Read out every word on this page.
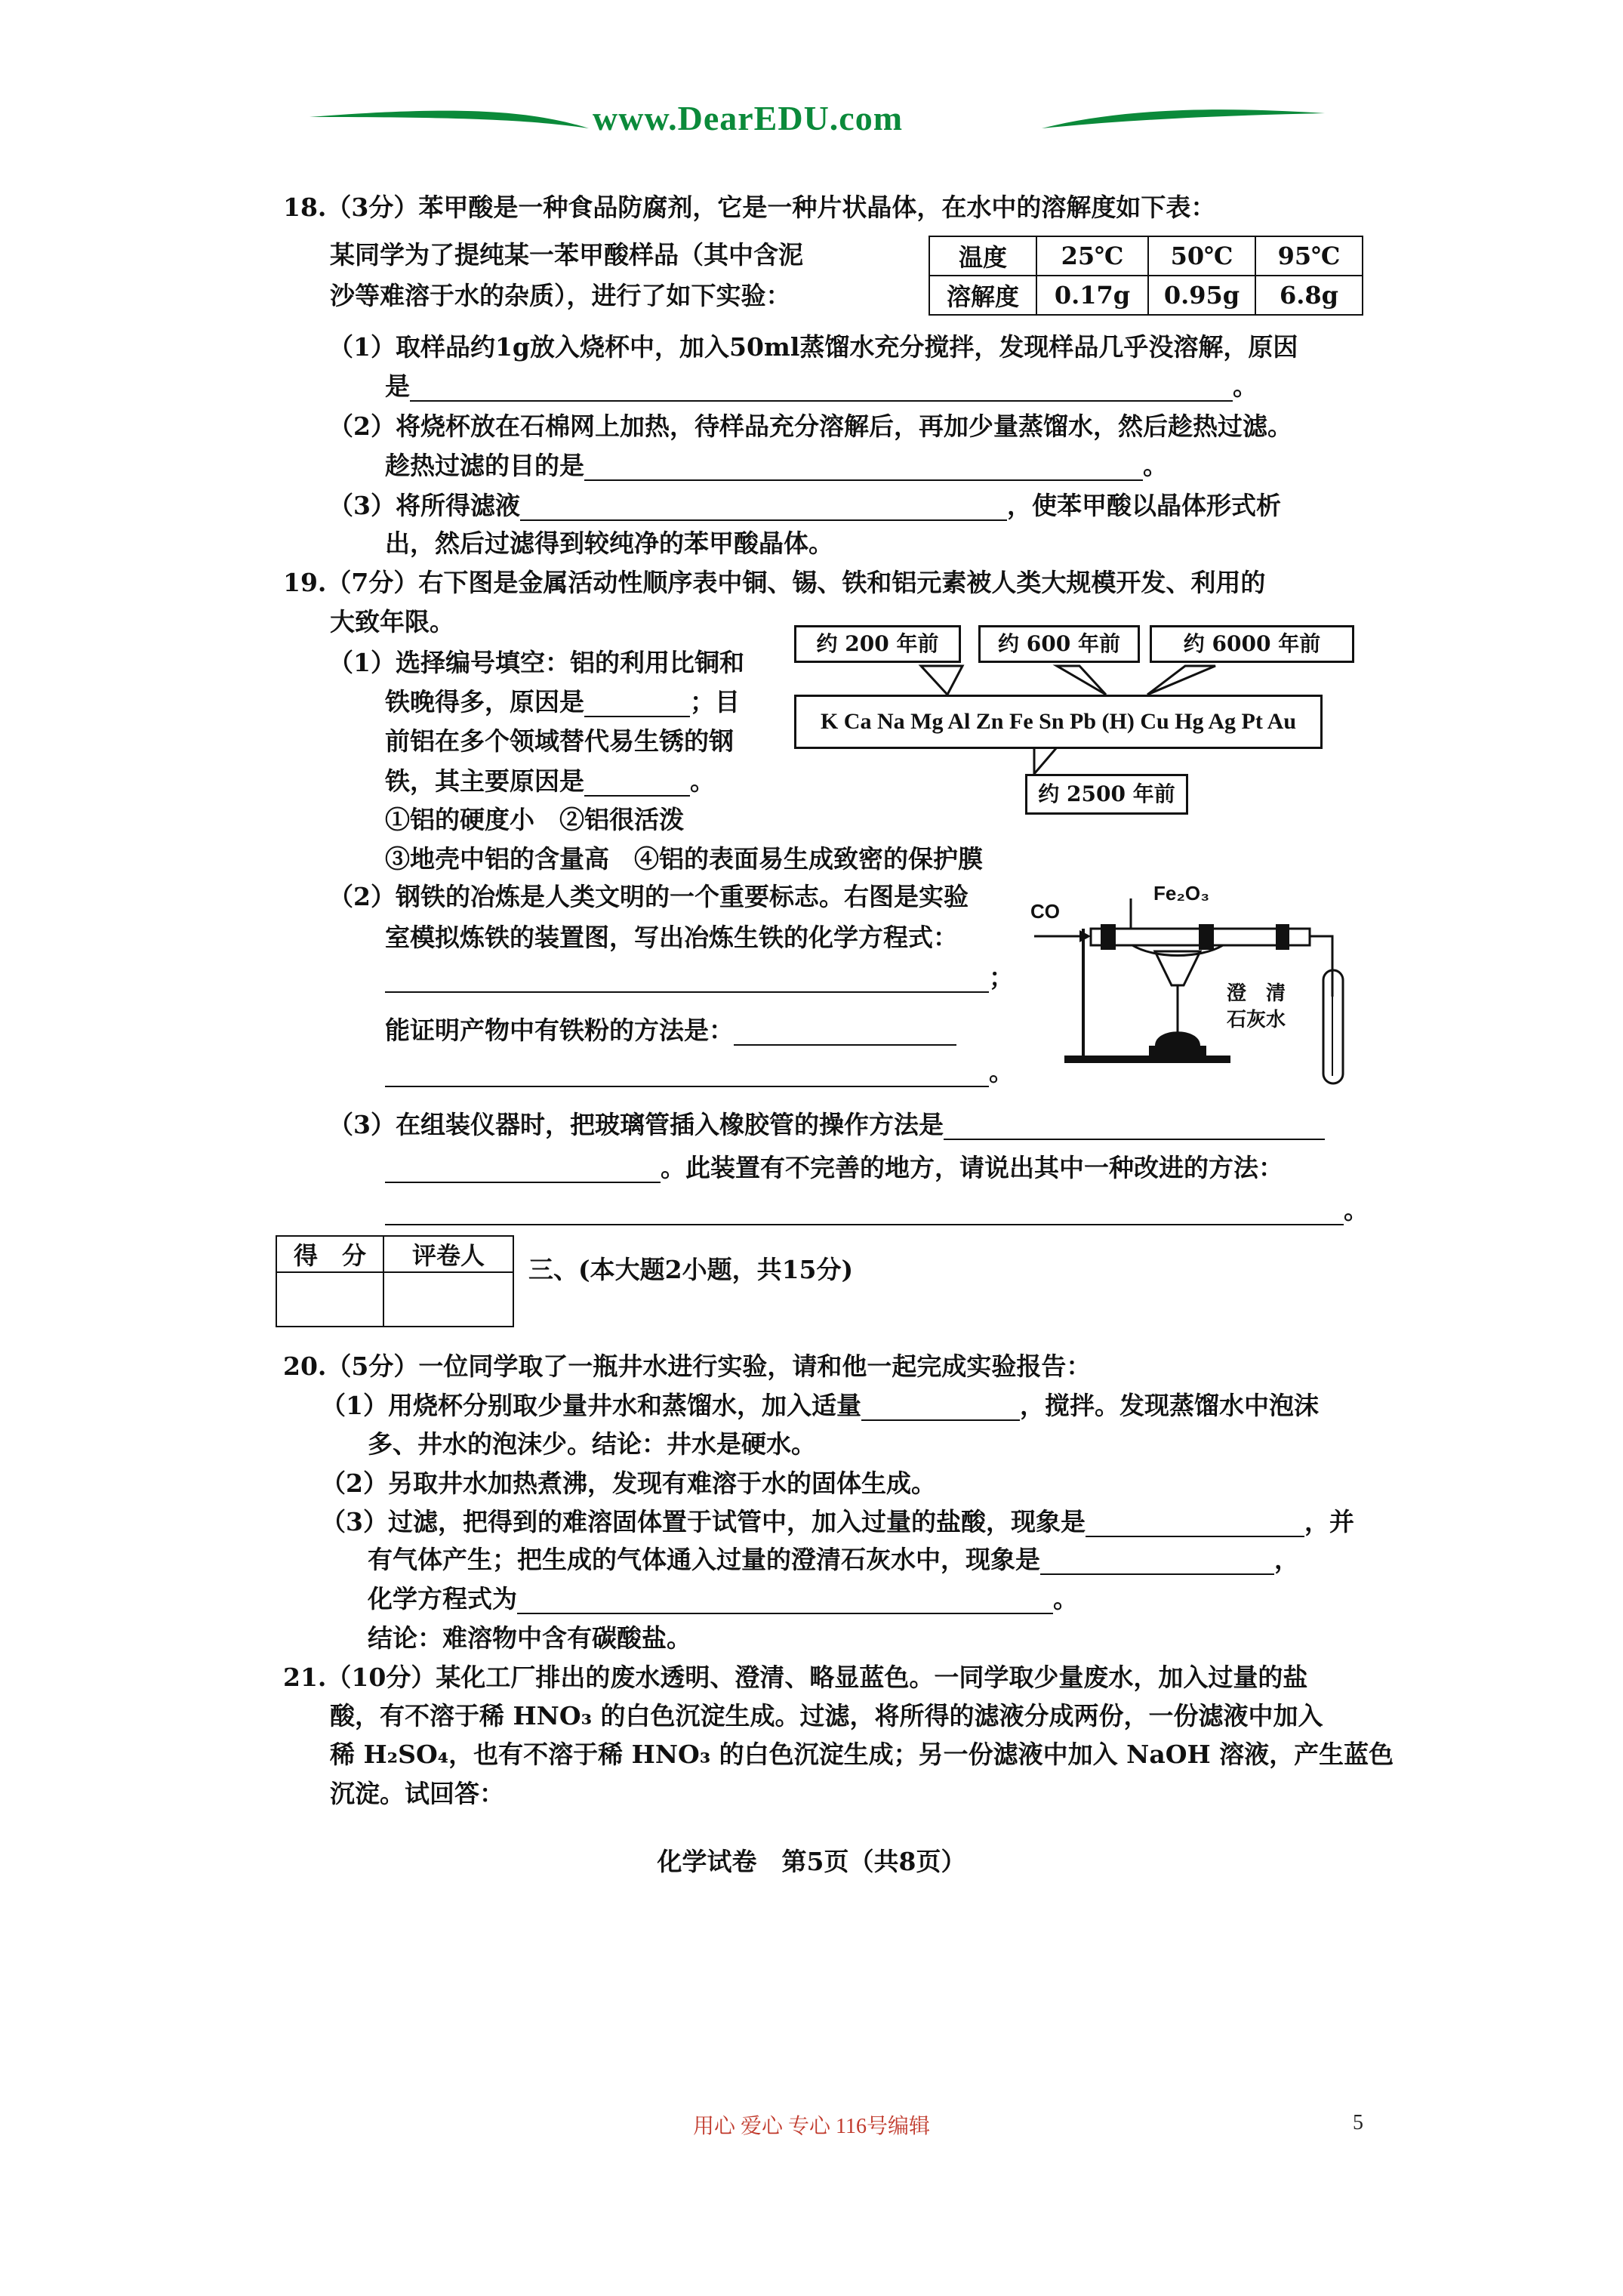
www.DearEDU.com
18.（3分）苯甲酸是一种食品防腐剂，它是一种片状晶体，在水中的溶解度如下表：
某同学为了提纯某一苯甲酸样品（其中含泥
沙等难溶于水的杂质），进行了如下实验：
温度	25℃	50℃	95℃
溶解度	0.17g	0.95g	6.8g
（1）取样品约1g放入烧杯中，加入50ml蒸馏水充分搅拌，发现样品几乎没溶解，原因
是	。
（2）将烧杯放在石棉网上加热，待样品充分溶解后，再加少量蒸馏水，然后趁热过滤。
趁热过滤的目的是	。
（3）将所得滤液	，使苯甲酸以晶体形式析
出，然后过滤得到较纯净的苯甲酸晶体。
19.（7分）右下图是金属活动性顺序表中铜、锡、铁和铝元素被人类大规模开发、利用的
大致年限。
（1）选择编号填空：铝的利用比铜和
铁晚得多，原因是	；目
前铝在多个领域替代易生锈的钢
铁，其主要原因是	。
①铝的硬度小　②铝很活泼
③地壳中铝的含量高　④铝的表面易生成致密的保护膜
约 200 年前	约 600 年前	约 6000 年前
K Ca Na Mg Al Zn Fe Sn Pb (H) Cu Hg Ag Pt Au
约 2500 年前
（2）钢铁的冶炼是人类文明的一个重要标志。右图是实验
室模拟炼铁的装置图，写出冶炼生铁的化学方程式：
；
能证明产物中有铁粉的方法是：
。
CO
Fe₂O₃
澄　清
石灰水
（3）在组装仪器时，把玻璃管插入橡胶管的操作方法是
。此装置有不完善的地方，请说出其中一种改进的方法：
。
得　分	评卷人
	三、(本大题2小题，共15分)
20.（5分）一位同学取了一瓶井水进行实验，请和他一起完成实验报告：
（1）用烧杯分别取少量井水和蒸馏水，加入适量	，搅拌。发现蒸馏水中泡沫
多、井水的泡沫少。结论：井水是硬水。
（2）另取井水加热煮沸，发现有难溶于水的固体生成。
（3）过滤，把得到的难溶固体置于试管中，加入过量的盐酸，现象是	，并
有气体产生；把生成的气体通入过量的澄清石灰水中，现象是	，
化学方程式为	。
结论：难溶物中含有碳酸盐。
21.（10分）某化工厂排出的废水透明、澄清、略显蓝色。一同学取少量废水，加入过量的盐
酸，有不溶于稀 HNO₃ 的白色沉淀生成。过滤，将所得的滤液分成两份，一份滤液中加入
稀 H₂SO₄，也有不溶于稀 HNO₃ 的白色沉淀生成；另一份滤液中加入 NaOH 溶液，产生蓝色
沉淀。试回答：
化学试卷　第5页（共8页）
用心 爱心 专心 116号编辑	5
